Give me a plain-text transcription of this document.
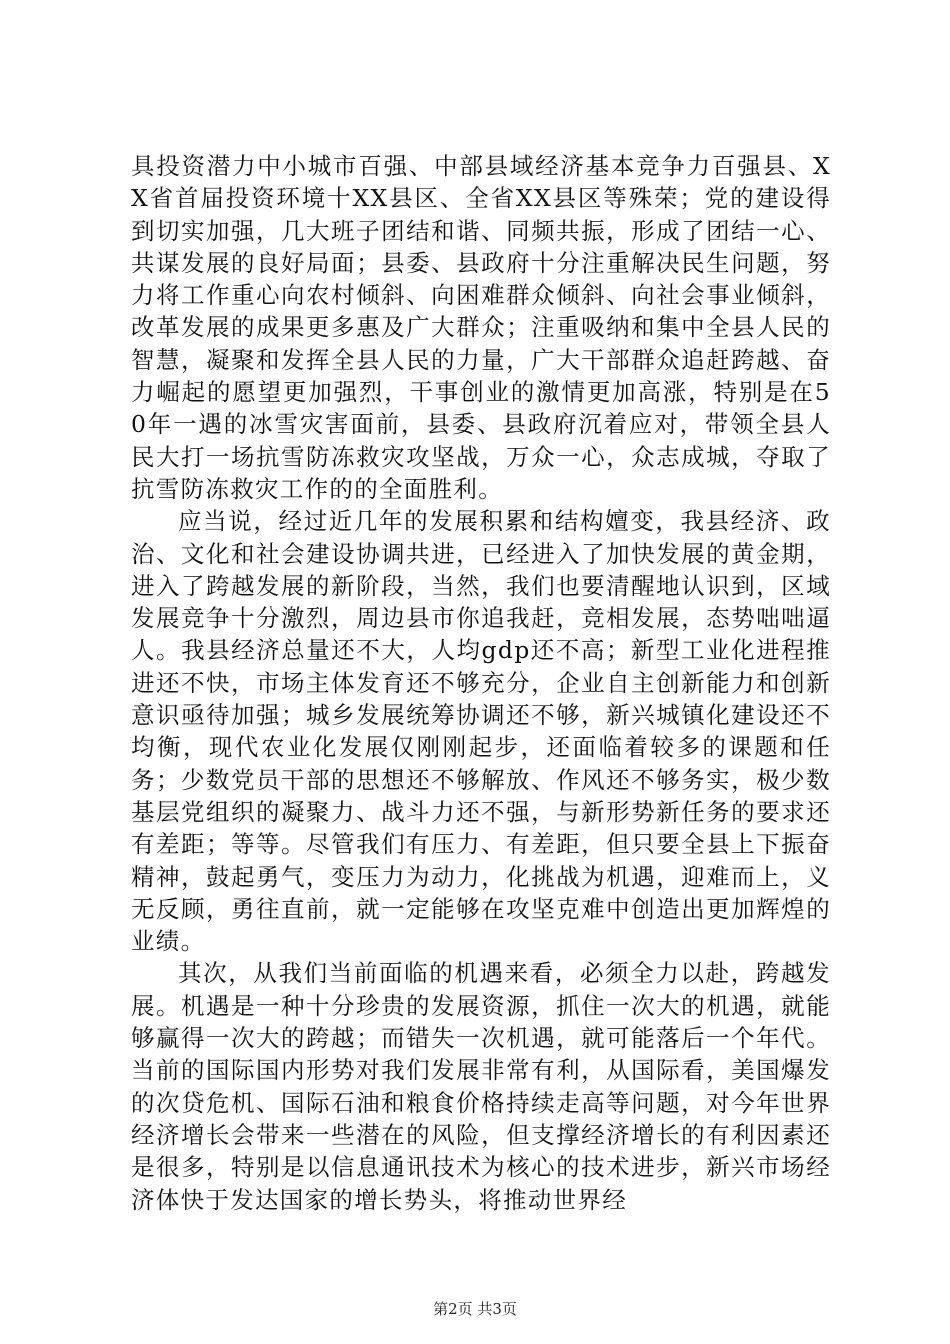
具投资潜力中小城市百强、中部县域经济基本竞争力百强县、XX省首届投资环境十XX县区、全省XX县区等殊荣；党的建设得到切实加强，几大班子团结和谐、同频共振，形成了团结一心、共谋发展的良好局面；县委、县政府十分注重解决民生问题，努力将工作重心向农村倾斜、向困难群众倾斜、向社会事业倾斜，改革发展的成果更多惠及广大群众；注重吸纳和集中全县人民的智慧，凝聚和发挥全县人民的力量，广大干部群众追赶跨越、奋力崛起的愿望更加强烈，干事创业的激情更加高涨，特别是在50年一遇的冰雪灾害面前，县委、县政府沉着应对，带领全县人民大打一场抗雪防冻救灾攻坚战，万众一心，众志成城，夺取了抗雪防冻救灾工作的的全面胜利。

应当说，经过近几年的发展积累和结构嬗变，我县经济、政治、文化和社会建设协调共进，已经进入了加快发展的黄金期，进入了跨越发展的新阶段，当然，我们也要清醒地认识到，区域发展竞争十分激烈，周边县市你追我赶，竞相发展，态势咄咄逼人。我县经济总量还不大，人均gdp还不高；新型工业化进程推进还不快，市场主体发育还不够充分，企业自主创新能力和创新意识亟待加强；城乡发展统筹协调还不够，新兴城镇化建设还不均衡，现代农业化发展仅刚刚起步，还面临着较多的课题和任务；少数党员干部的思想还不够解放、作风还不够务实，极少数基层党组织的凝聚力、战斗力还不强，与新形势新任务的要求还有差距；等等。尽管我们有压力、有差距，但只要全县上下振奋精神，鼓起勇气，变压力为动力，化挑战为机遇，迎难而上，义无反顾，勇往直前，就一定能够在攻坚克难中创造出更加辉煌的业绩。

其次，从我们当前面临的机遇来看，必须全力以赴，跨越发展。机遇是一种十分珍贵的发展资源，抓住一次大的机遇，就能够赢得一次大的跨越；而错失一次机遇，就可能落后一个年代。当前的国际国内形势对我们发展非常有利，从国际看，美国爆发的次贷危机、国际石油和粮食价格持续走高等问题，对今年世界经济增长会带来一些潜在的风险，但支撑经济增长的有利因素还是很多，特别是以信息通讯技术为核心的技术进步，新兴市场经济体快于发达国家的增长势头，将推动世界经

第2页 共3页
